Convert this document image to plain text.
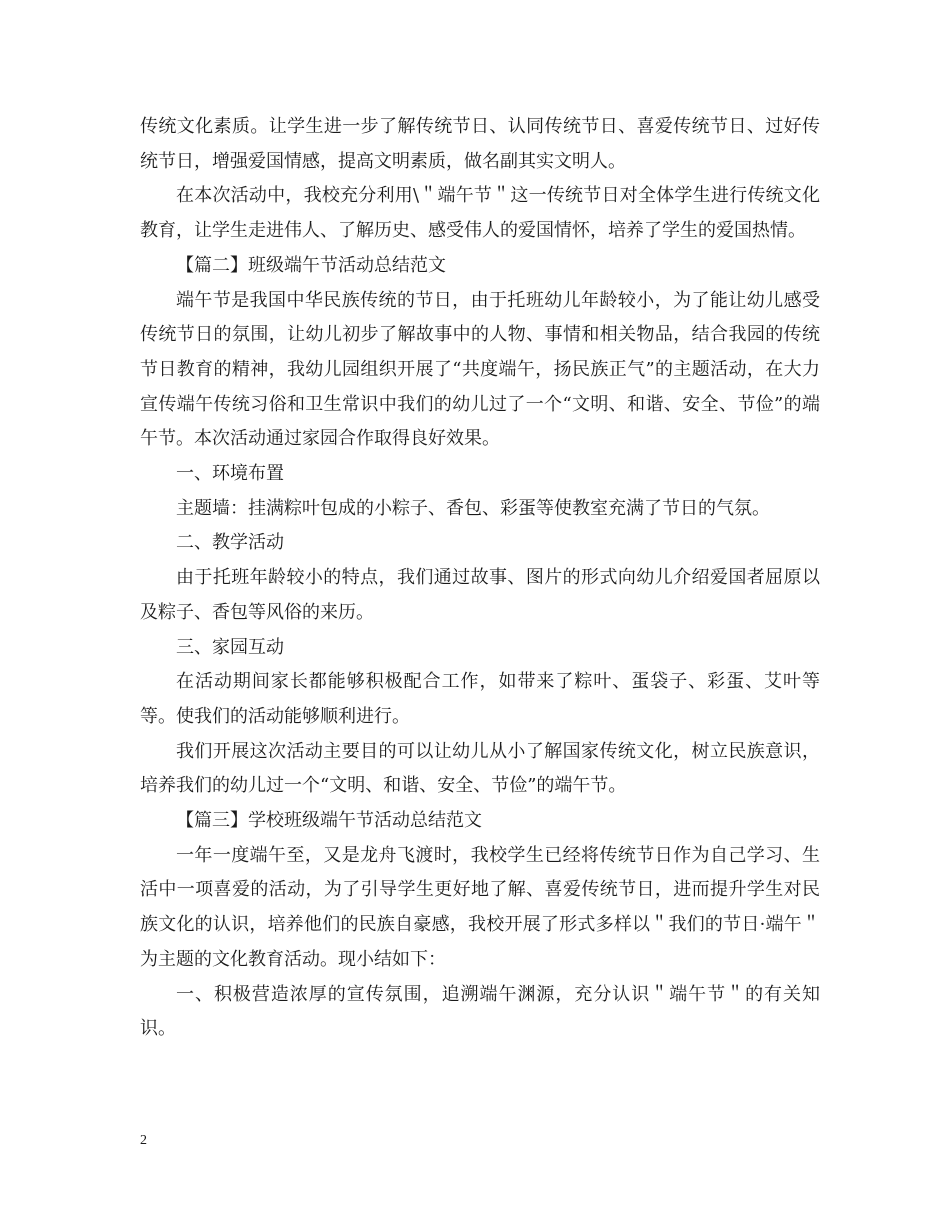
传统文化素质。让学生进一步了解传统节日、认同传统节日、喜爱传统节日、过好传统节日，增强爱国情感，提高文明素质，做名副其实文明人。

在本次活动中，我校充分利用\＂端午节＂这一传统节日对全体学生进行传统文化教育，让学生走进伟人、了解历史、感受伟人的爱国情怀，培养了学生的爱国热情。

【篇二】班级端午节活动总结范文

端午节是我国中华民族传统的节日，由于托班幼儿年龄较小，为了能让幼儿感受传统节日的氛围，让幼儿初步了解故事中的人物、事情和相关物品，结合我园的传统节日教育的精神，我幼儿园组织开展了“共度端午，扬民族正气”的主题活动，在大力宣传端午传统习俗和卫生常识中我们的幼儿过了一个“文明、和谐、安全、节俭”的端午节。本次活动通过家园合作取得良好效果。

一、环境布置

主题墙：挂满粽叶包成的小粽子、香包、彩蛋等使教室充满了节日的气氛。

二、教学活动

由于托班年龄较小的特点，我们通过故事、图片的形式向幼儿介绍爱国者屈原以及粽子、香包等风俗的来历。

三、家园互动

在活动期间家长都能够积极配合工作，如带来了粽叶、蛋袋子、彩蛋、艾叶等等。使我们的活动能够顺利进行。

我们开展这次活动主要目的可以让幼儿从小了解国家传统文化，树立民族意识，培养我们的幼儿过一个“文明、和谐、安全、节俭”的端午节。

【篇三】学校班级端午节活动总结范文

一年一度端午至，又是龙舟飞渡时，我校学生已经将传统节日作为自己学习、生活中一项喜爱的活动，为了引导学生更好地了解、喜爱传统节日，进而提升学生对民族文化的认识，培养他们的民族自豪感，我校开展了形式多样以＂我们的节日·端午＂为主题的文化教育活动。现小结如下：

一、积极营造浓厚的宣传氛围，追溯端午渊源，充分认识＂端午节＂的有关知识。

2
